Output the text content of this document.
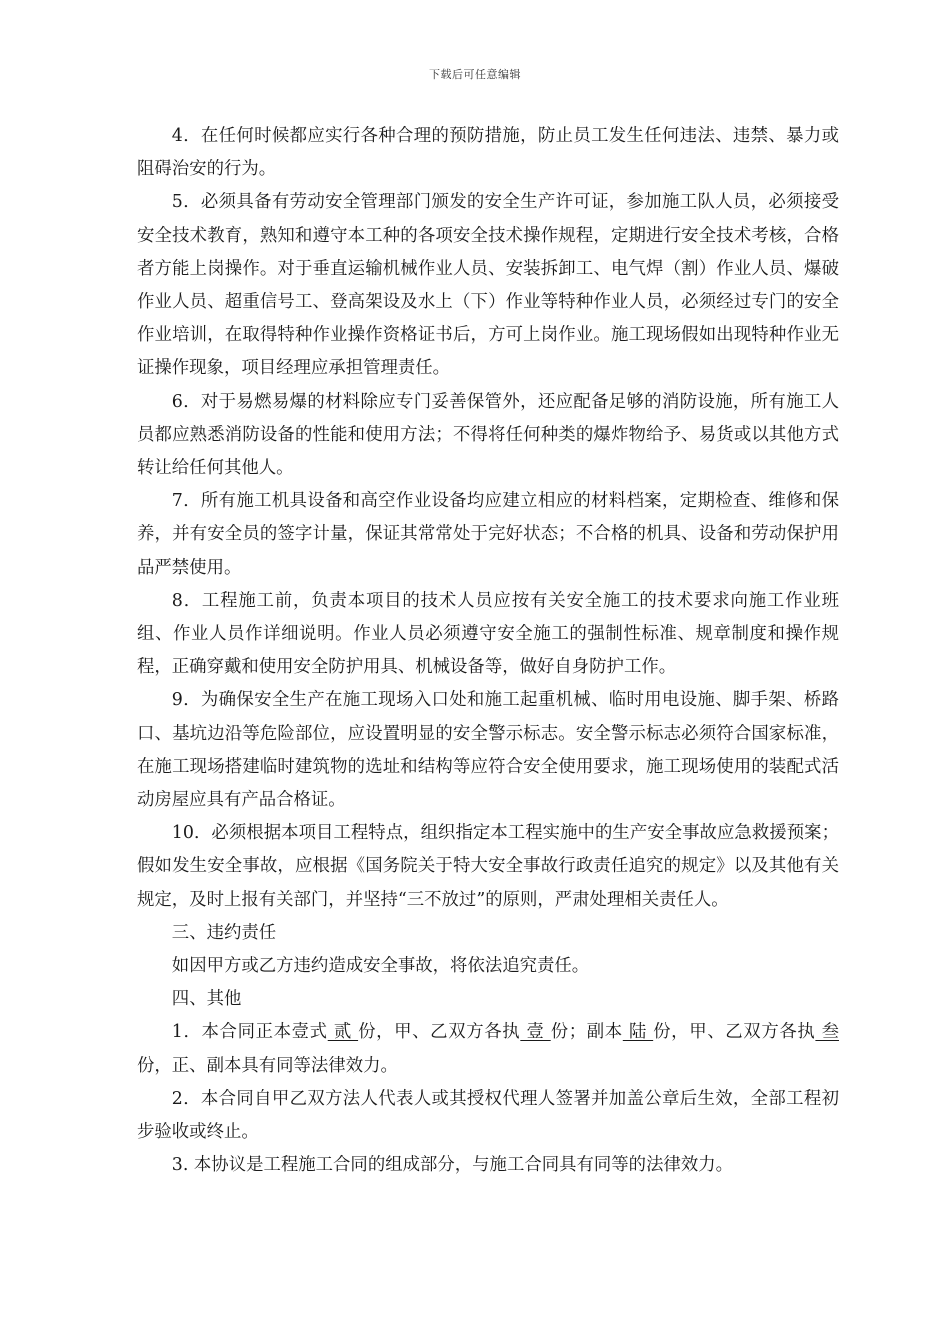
下载后可任意编辑

4．在任何时候都应实行各种合理的预防措施，防止员工发生任何违法、违禁、暴力或阻碍治安的行为。

5．必须具备有劳动安全管理部门颁发的安全生产许可证，参加施工队人员，必须接受安全技术教育，熟知和遵守本工种的各项安全技术操作规程，定期进行安全技术考核，合格者方能上岗操作。对于垂直运输机械作业人员、安装拆卸工、电气焊（割）作业人员、爆破作业人员、超重信号工、登高架设及水上（下）作业等特种作业人员，必须经过专门的安全作业培训，在取得特种作业操作资格证书后，方可上岗作业。施工现场假如出现特种作业无证操作现象，项目经理应承担管理责任。

6．对于易燃易爆的材料除应专门妥善保管外，还应配备足够的消防设施，所有施工人员都应熟悉消防设备的性能和使用方法；不得将任何种类的爆炸物给予、易货或以其他方式转让给任何其他人。

7．所有施工机具设备和高空作业设备均应建立相应的材料档案，定期检查、维修和保养，并有安全员的签字计量，保证其常常处于完好状态；不合格的机具、设备和劳动保护用品严禁使用。

8．工程施工前，负责本项目的技术人员应按有关安全施工的技术要求向施工作业班组、作业人员作详细说明。作业人员必须遵守安全施工的强制性标准、规章制度和操作规程，正确穿戴和使用安全防护用具、机械设备等，做好自身防护工作。

9．为确保安全生产在施工现场入口处和施工起重机械、临时用电设施、脚手架、桥路口、基坑边沿等危险部位，应设置明显的安全警示标志。安全警示标志必须符合国家标准，在施工现场搭建临时建筑物的选址和结构等应符合安全使用要求，施工现场使用的装配式活动房屋应具有产品合格证。

10．必须根据本项目工程特点，组织指定本工程实施中的生产安全事故应急救援预案；假如发生安全事故，应根据《国务院关于特大安全事故行政责任追究的规定》以及其他有关规定，及时上报有关部门，并坚持“三不放过”的原则，严肃处理相关责任人。

三、违约责任

如因甲方或乙方违约造成安全事故，将依法追究责任。

四、其他

1．本合同正本壹式 贰 份，甲、乙双方各执 壹 份；副本 陆 份，甲、乙双方各执 叁 份，正、副本具有同等法律效力。

2．本合同自甲乙双方法人代表人或其授权代理人签署并加盖公章后生效，全部工程初步验收或终止。

3. 本协议是工程施工合同的组成部分，与施工合同具有同等的法律效力。
